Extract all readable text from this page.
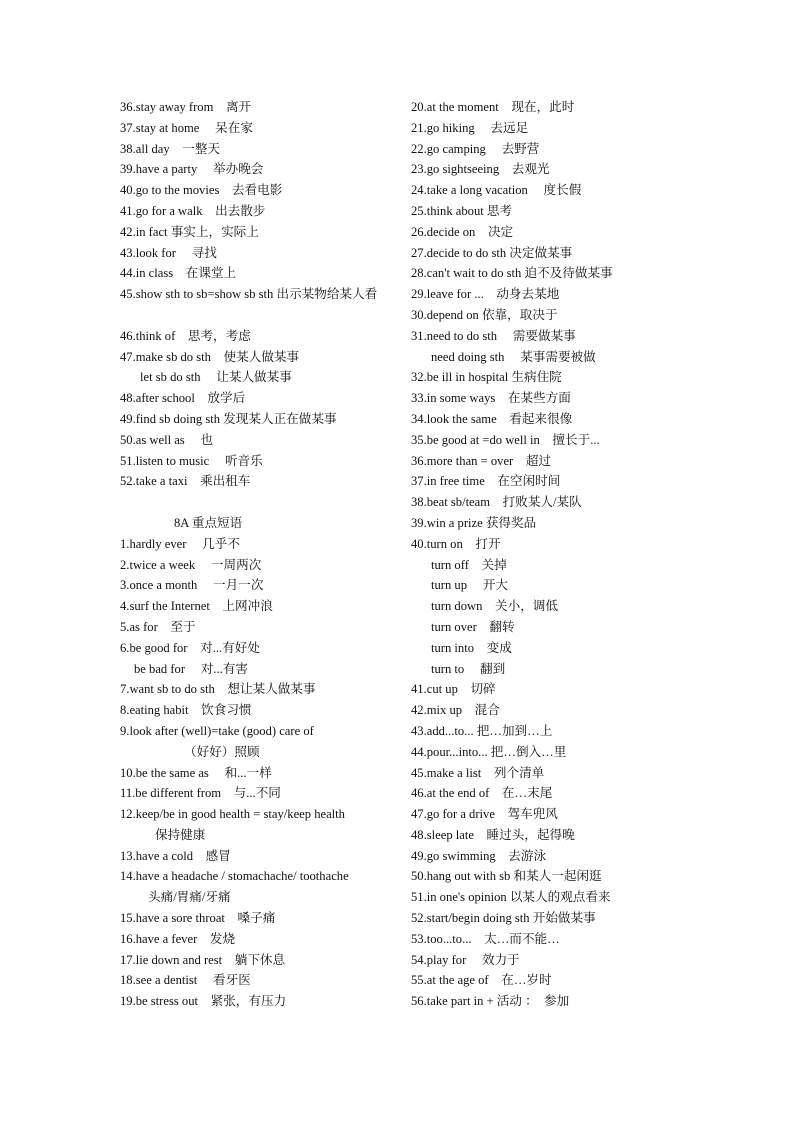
36.stay away from　离开
37.stay at home　 呆在家
38.all day　一整天
39.have a party　 举办晚会
40.go to the movies　去看电影
41.go for a walk　出去散步
42.in fact 事实上，实际上
43.look for　 寻找
44.in class　在课堂上
45.show sth to sb=show sb sth 出示某物给某人看
46.think of　思考，考虑
47.make sb do sth　使某人做某事
let sb do sth　 让某人做某事
48.after school　放学后
49.find sb doing sth 发现某人正在做某事
50.as well as　 也
51.listen to music　 听音乐
52.take a taxi　乘出租车
8A 重点短语
1.hardly ever　 几乎不
2.twice a week　 一周两次
3.once a month　 一月一次
4.surf the Internet　上网冲浪
5.as for　至于
6.be good for　对...有好处
be bad for　 对...有害
7.want sb to do sth　想让某人做某事
8.eating habit　饮食习惯
9.look after (well)=take (good) care of
（好好）照顾
10.be the same as　 和...一样
11.be different from　与...不同
12.keep/be in good health = stay/keep health
保持健康
13.have a cold　感冒
14.have a headache / stomachache/ toothache
头痛/胃痛/牙痛
15.have a sore throat　嗓子痛
16.have a fever　发烧
17.lie down and rest　躺下休息
18.see a dentist　 看牙医
19.be stress out　紧张，有压力
20.at the moment　现在，此时
21.go hiking　 去远足
22.go camping　 去野营
23.go sightseeing　去观光
24.take a long vacation　 度长假
25.think about 思考
26.decide on　决定
27.decide to do sth 决定做某事
28.can't wait to do sth 迫不及待做某事
29.leave for ...　动身去某地
30.depend on 依靠，取决于
31.need to do sth　 需要做某事
need doing sth　 某事需要被做
32.be ill in hospital 生病住院
33.in some ways　在某些方面
34.look the same　看起来很像
35.be good at =do well in　擅长于...
36.more than = over　超过
37.in free time　在空闲时间
38.beat sb/team　打败某人/某队
39.win a prize 获得奖品
40.turn on　打开
turn off　关掉
turn up　 开大
turn down　关小，调低
turn over　翻转
turn into　变成
turn to　 翻到
41.cut up　切碎
42.mix up　混合
43.add...to... 把…加到…上
44.pour...into... 把…倒入…里
45.make a list　列个清单
46.at the end of　在…末尾
47.go for a drive　驾车兜风
48.sleep late　睡过头，起得晚
49.go swimming　去游泳
50.hang out with sb 和某人一起闲逛
51.in one's opinion 以某人的观点看来
52.start/begin doing sth 开始做某事
53.too...to...　太…而不能…
54.play for　 效力于
55.at the age of　在…岁时
56.take part in + 活动 ：　参加
